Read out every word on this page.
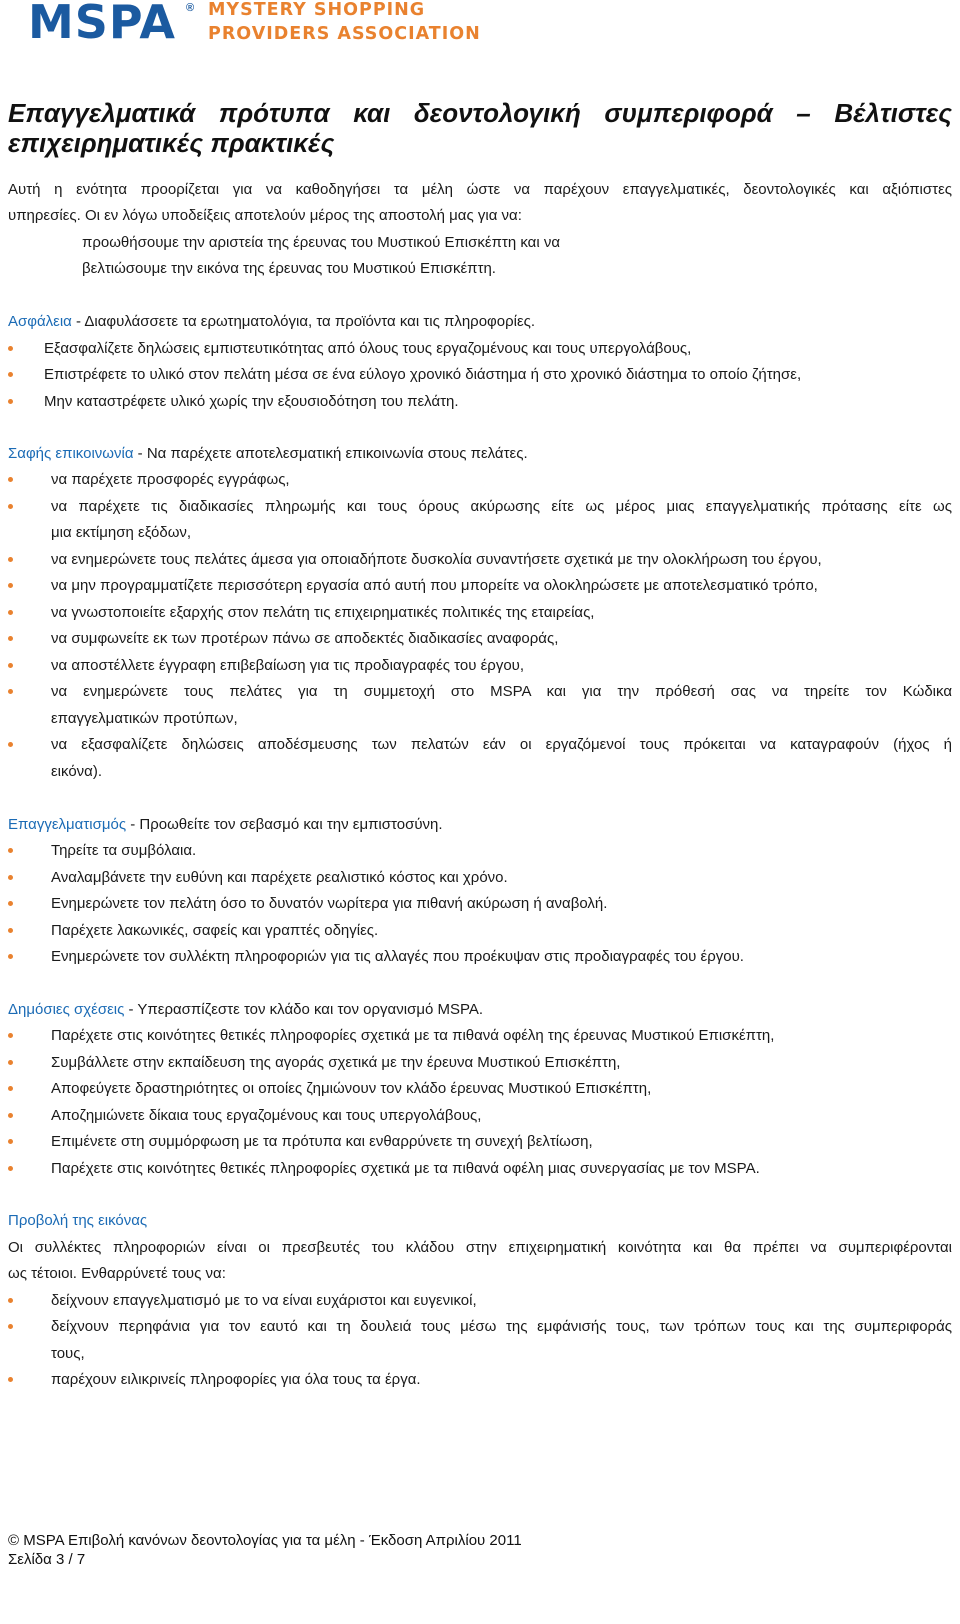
MSPA ® MYSTERY SHOPPING
PROVIDERS ASSOCIATION
Επαγγελματικά πρότυπα και δεοντολογική συμπεριφορά – Βέλτιστες
επιχειρηματικές πρακτικές
Αυτή η ενότητα προορίζεται για να καθοδηγήσει τα μέλη ώστε να παρέχουν επαγγελματικές, δεοντολογικές και αξιόπιστες
υπηρεσίες. Οι εν λόγω υποδείξεις αποτελούν μέρος της αποστολή μας για να:
προωθήσουμε την αριστεία της έρευνας του Μυστικού Επισκέπτη και να
βελτιώσουμε την εικόνα της έρευνας του Μυστικού Επισκέπτη.
Ασφάλεια - Διαφυλάσσετε τα ερωτηματολόγια, τα προϊόντα και τις πληροφορίες.
Εξασφαλίζετε δηλώσεις εμπιστευτικότητας από όλους τους εργαζομένους και τους υπεργολάβους,
Επιστρέφετε το υλικό στον πελάτη μέσα σε ένα εύλογο χρονικό διάστημα ή στο χρονικό διάστημα το οποίο ζήτησε,
Μην καταστρέφετε υλικό χωρίς την εξουσιοδότηση του πελάτη.
Σαφής επικοινωνία - Να παρέχετε αποτελεσματική επικοινωνία στους πελάτες.
να παρέχετε προσφορές εγγράφως,
να παρέχετε τις διαδικασίες πληρωμής και τους όρους ακύρωσης είτε ως μέρος μιας επαγγελματικής πρότασης είτε ως
μια εκτίμηση εξόδων,
να ενημερώνετε τους πελάτες άμεσα για οποιαδήποτε δυσκολία συναντήσετε σχετικά με την ολοκλήρωση του έργου,
να μην προγραμματίζετε περισσότερη εργασία από αυτή που μπορείτε να ολοκληρώσετε με αποτελεσματικό τρόπο,
να γνωστοποιείτε εξαρχής στον πελάτη τις επιχειρηματικές πολιτικές της εταιρείας,
να συμφωνείτε εκ των προτέρων πάνω σε αποδεκτές διαδικασίες αναφοράς,
να αποστέλλετε έγγραφη επιβεβαίωση για τις προδιαγραφές του έργου,
να ενημερώνετε τους πελάτες για τη συμμετοχή στο MSPA και για την πρόθεσή σας να τηρείτε τον Κώδικα
επαγγελματικών προτύπων,
να εξασφαλίζετε δηλώσεις αποδέσμευσης των πελατών εάν οι εργαζόμενοί τους πρόκειται να καταγραφούν (ήχος ή
εικόνα).
Επαγγελματισμός - Προωθείτε τον σεβασμό και την εμπιστοσύνη.
Τηρείτε τα συμβόλαια.
Αναλαμβάνετε την ευθύνη και παρέχετε ρεαλιστικό κόστος και χρόνο.
Ενημερώνετε τον πελάτη όσο το δυνατόν νωρίτερα για πιθανή ακύρωση ή αναβολή.
Παρέχετε λακωνικές, σαφείς και γραπτές οδηγίες.
Ενημερώνετε τον συλλέκτη πληροφοριών για τις αλλαγές που προέκυψαν στις προδιαγραφές του έργου.
Δημόσιες σχέσεις - Υπερασπίζεστε τον κλάδο και τον οργανισμό MSPA.
Παρέχετε στις κοινότητες θετικές πληροφορίες σχετικά με τα πιθανά οφέλη της έρευνας Μυστικού Επισκέπτη,
Συμβάλλετε στην εκπαίδευση της αγοράς σχετικά με την έρευνα Μυστικού Επισκέπτη,
Αποφεύγετε δραστηριότητες οι οποίες ζημιώνουν τον κλάδο έρευνας Μυστικού Επισκέπτη,
Αποζημιώνετε δίκαια τους εργαζομένους και τους υπεργολάβους,
Επιμένετε στη συμμόρφωση με τα πρότυπα και ενθαρρύνετε τη συνεχή βελτίωση,
Παρέχετε στις κοινότητες θετικές πληροφορίες σχετικά με τα πιθανά οφέλη μιας συνεργασίας με τον MSPA.
Προβολή της εικόνας
Οι συλλέκτες πληροφοριών είναι οι πρεσβευτές του κλάδου στην επιχειρηματική κοινότητα και θα πρέπει να συμπεριφέρονται
ως τέτοιοι. Ενθαρρύνετέ τους να:
δείχνουν επαγγελματισμό με το να είναι ευχάριστοι και ευγενικοί,
δείχνουν περηφάνια για τον εαυτό και τη δουλειά τους μέσω της εμφάνισής τους, των τρόπων τους και της συμπεριφοράς
τους,
παρέχουν ειλικρινείς πληροφορίες για όλα τους τα έργα.
© MSPA Επιβολή κανόνων δεοντολογίας για τα μέλη - Έκδοση Απριλίου 2011
Σελίδα 3 / 7
